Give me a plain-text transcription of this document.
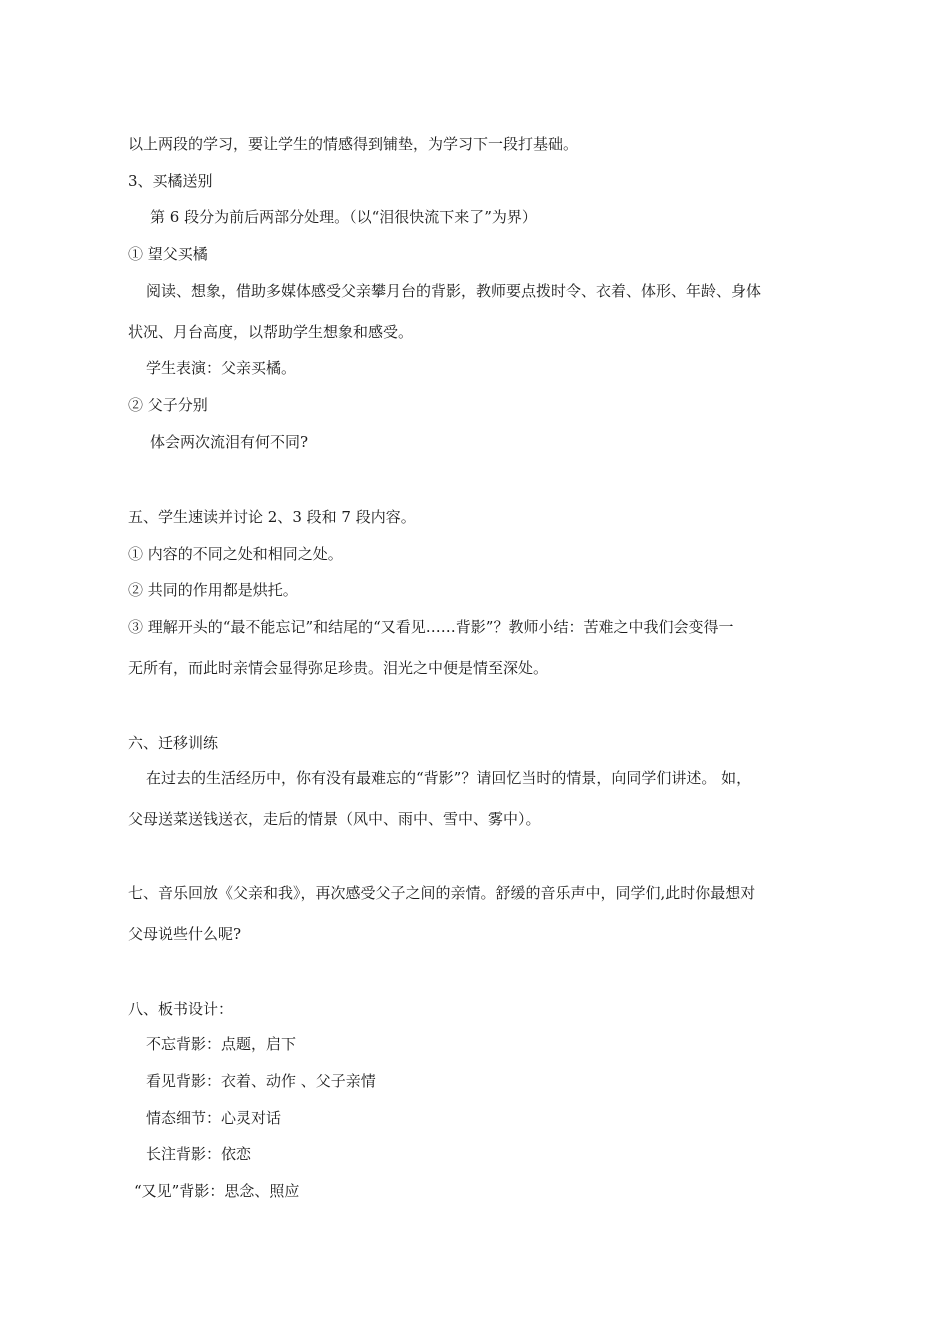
以上两段的学习，要让学生的情感得到铺垫，为学习下一段打基础。
3、买橘送别
第 6 段分为前后两部分处理。（以“泪很快流下来了”为界）
① 望父买橘
阅读、想象，借助多媒体感受父亲攀月台的背影，教师要点拨时令、衣着、体形、年龄、身体
状况、月台高度，以帮助学生想象和感受。
学生表演：父亲买橘。
② 父子分别
体会两次流泪有何不同?
五、学生速读并讨论 2、3 段和 7 段内容。
① 内容的不同之处和相同之处。
② 共同的作用都是烘托。
③ 理解开头的“最不能忘记”和结尾的“又看见……背影”？教师小结：苦难之中我们会变得一
无所有，而此时亲情会显得弥足珍贵。泪光之中便是情至深处。
六、迁移训练
在过去的生活经历中，你有没有最难忘的“背影”？请回忆当时的情景，向同学们讲述。 如，
父母送菜送钱送衣，走后的情景（风中、雨中、雪中、雾中）。
七、音乐回放《父亲和我》，再次感受父子之间的亲情。舒缓的音乐声中，同学们,此时你最想对
父母说些什么呢?
八、板书设计：
不忘背影：点题，启下
看见背影：衣着、动作 、父子亲情
情态细节：心灵对话
长注背影：依恋
“又见”背影：思念、照应
